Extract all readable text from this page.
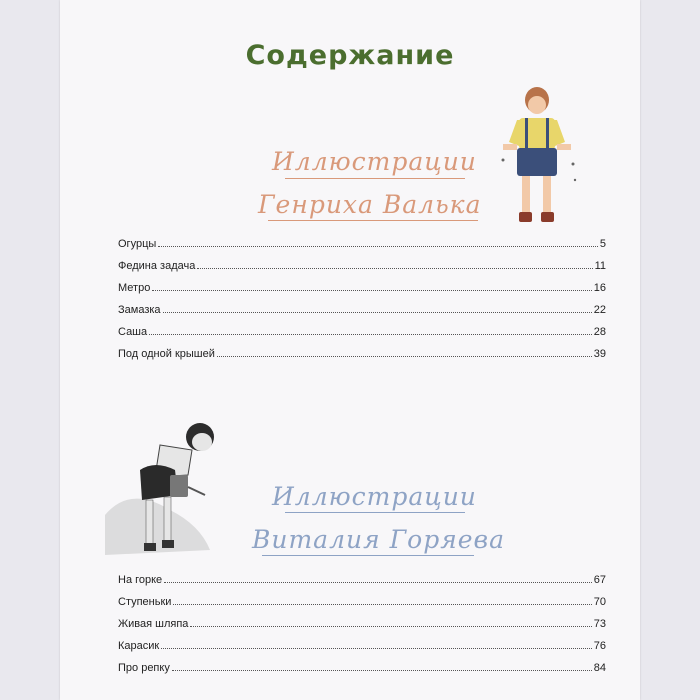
Содержание
Иллюстрации
Генриха Валька
Огурцы	5
Федина задача	11
Метро	16
Замазка	22
Саша	28
Под одной крышей	39
Иллюстрации
Виталия Горяева
На горке	67
Ступеньки	70
Живая шляпа	73
Карасик	76
Про репку	84
